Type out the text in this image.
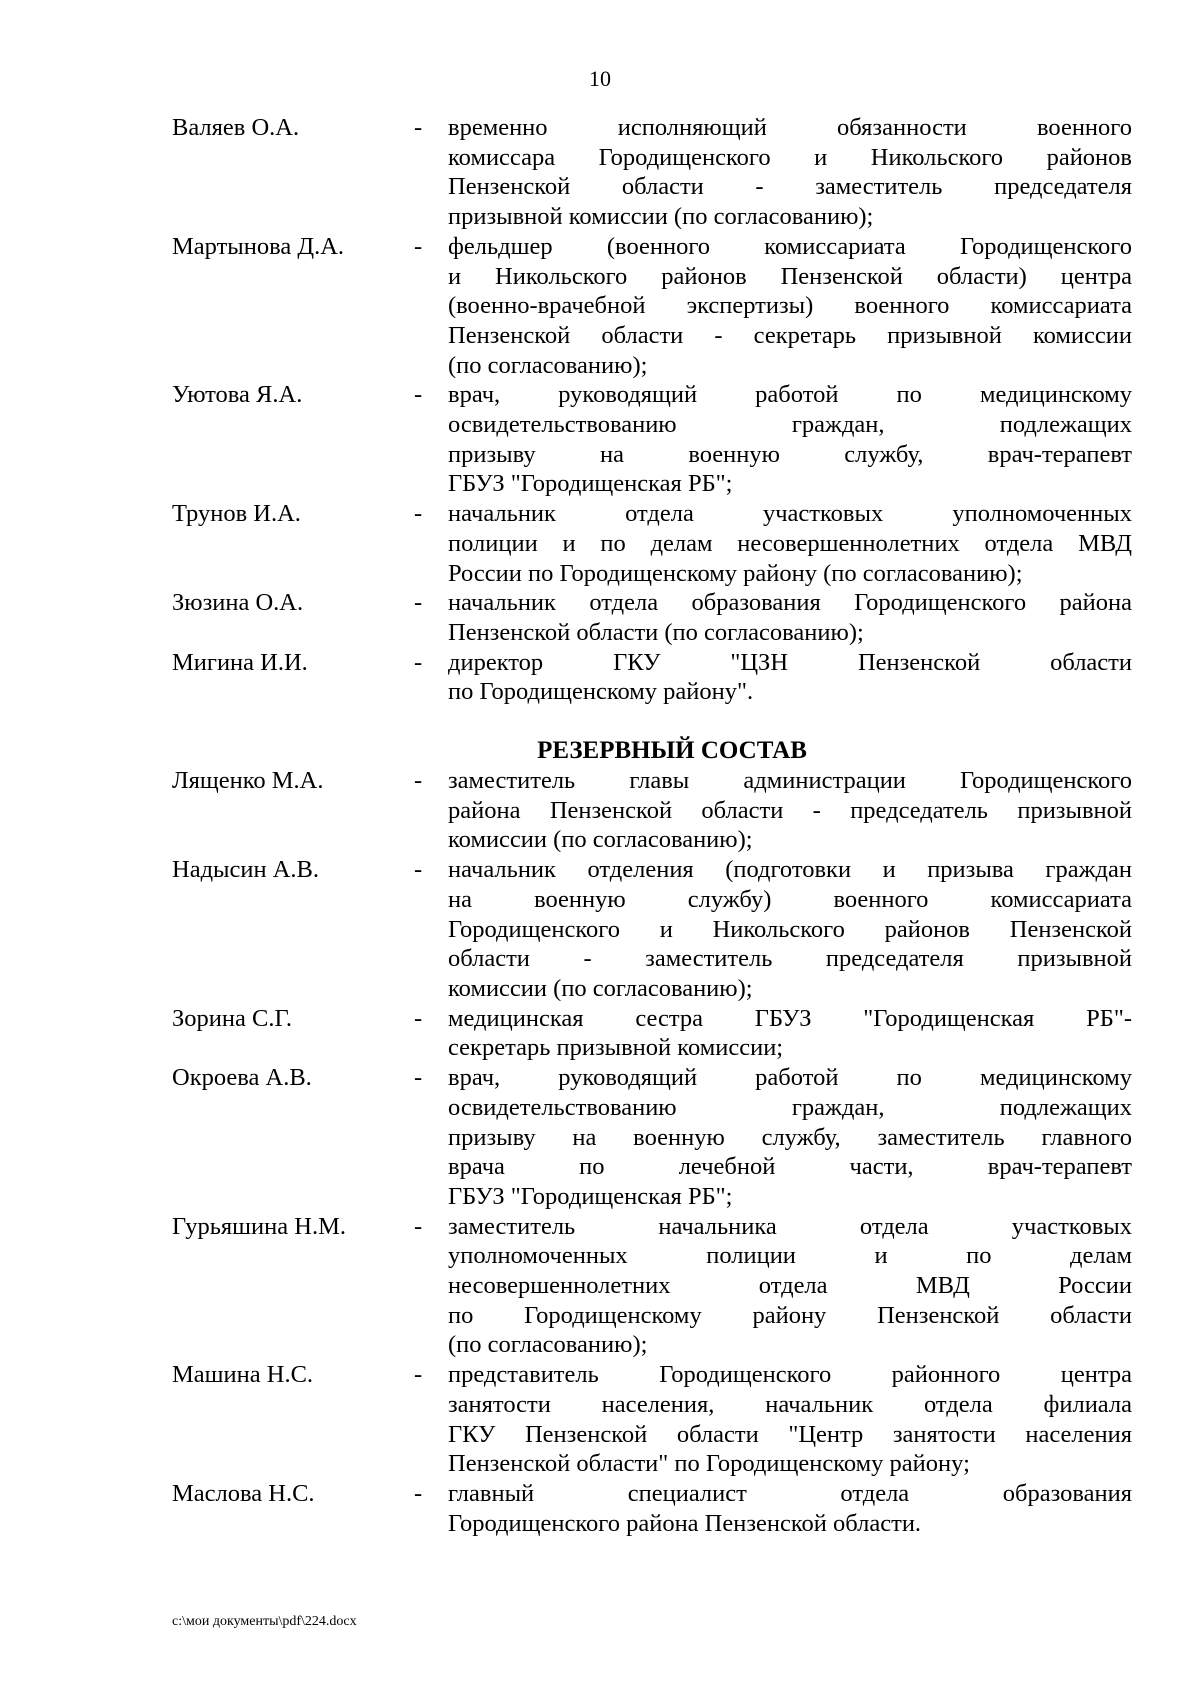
10
Валяев О.А.	-	временно исполняющий обязанности военного
комиссара Городищенского и Никольского районов
Пензенской области - заместитель председателя
призывной комиссии (по согласованию);
Мартынова Д.А.	-	фельдшер (военного комиссариата Городищенского
и Никольского районов Пензенской области) центра
(военно-врачебной экспертизы) военного комиссариата
Пензенской области - секретарь призывной комиссии
(по согласованию);
Уютова Я.А.	-	врач, руководящий работой по медицинскому
освидетельствованию граждан, подлежащих
призыву на военную службу, врач-терапевт
ГБУЗ "Городищенская РБ";
Трунов И.А.	-	начальник отдела участковых уполномоченных
полиции и по делам несовершеннолетних отдела МВД
России по Городищенскому району (по согласованию);
Зюзина О.А.	-	начальник отдела образования Городищенского района
Пензенской области (по согласованию);
Мигина И.И.	-	директор ГКУ "ЦЗН Пензенской области
по Городищенскому району".
РЕЗЕРВНЫЙ СОСТАВ
Лященко М.А.	-	заместитель главы администрации Городищенского
района Пензенской области - председатель призывной
комиссии (по согласованию);
Надысин А.В.	-	начальник отделения (подготовки и призыва граждан
на военную службу) военного комиссариата
Городищенского и Никольского районов Пензенской
области - заместитель председателя призывной
комиссии (по согласованию);
Зорина С.Г.	-	медицинская сестра ГБУЗ "Городищенская РБ"-
секретарь призывной комиссии;
Окроева А.В.	-	врач, руководящий работой по медицинскому
освидетельствованию граждан, подлежащих
призыву на военную службу, заместитель главного
врача по лечебной части, врач-терапевт
ГБУЗ "Городищенская РБ";
Гурьяшина Н.М.	-	заместитель начальника отдела участковых
уполномоченных полиции и по делам
несовершеннолетних отдела МВД России
по Городищенскому району Пензенской области
(по согласованию);
Машина Н.С.	-	представитель Городищенского районного центра
занятости населения, начальник отдела филиала
ГКУ Пензенской области "Центр занятости населения
Пензенской области" по Городищенскому району;
Маслова Н.С.	-	главный специалист отдела образования
Городищенского района Пензенской области.
c:\мои документы\pdf\224.docx
